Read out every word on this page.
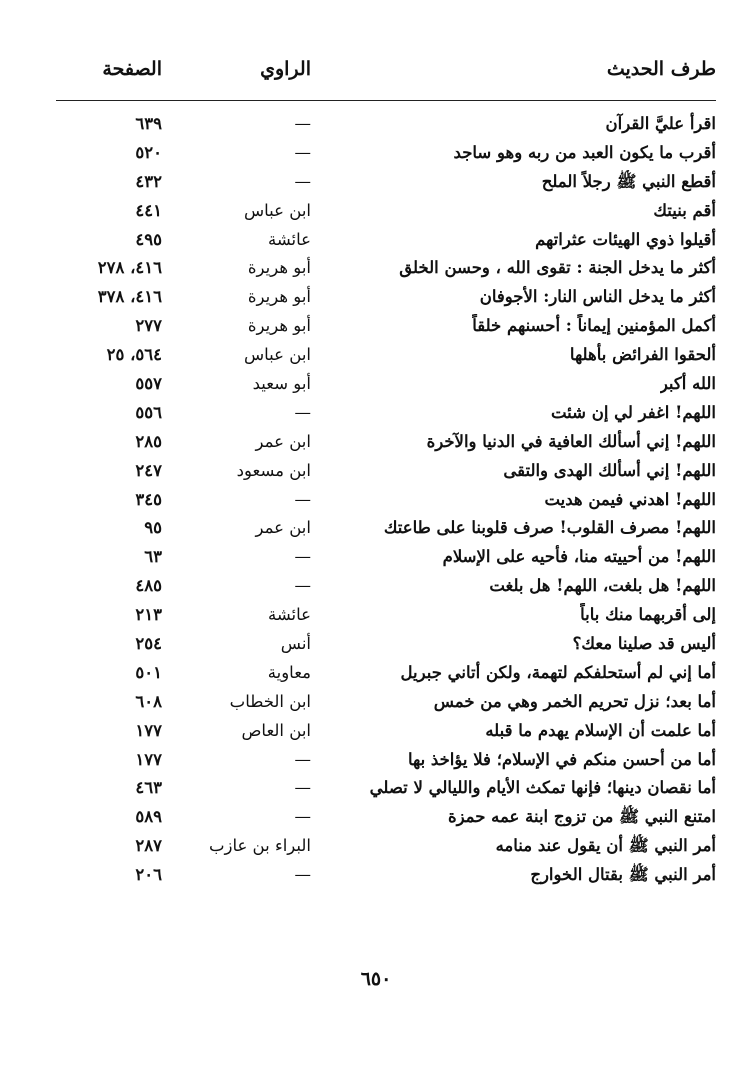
طرف الحديث
الراوي
الصفحة
اقرأ عليَّ القرآن
—
٦٣٩
أقرب ما يكون العبد من ربه وهو ساجد
—
٥٢٠
أقطع النبي ﷺ رجلاً الملح
—
٤٣٢
أقم بنيتك
ابن عباس
٤٤١
أقيلوا ذوي الهيئات عثراتهم
عائشة
٤٩٥
أكثر ما يدخل الجنة : تقوى الله ، وحسن الخلق
أبو هريرة
٤١٦، ٢٧٨
أكثر ما يدخل الناس النار: الأجوفان
أبو هريرة
٤١٦، ٣٧٨
أكمل المؤمنين إيماناً : أحسنهم خلقاً
أبو هريرة
٢٧٧
ألحقوا الفرائض بأهلها
ابن عباس
٥٦٤، ٢٥
الله أكبر
أبو سعيد
٥٥٧
اللهم! اغفر لي إن شئت
—
٥٥٦
اللهم! إني أسألك العافية في الدنيا والآخرة
ابن عمر
٢٨٥
اللهم! إني أسألك الهدى والتقى
ابن مسعود
٢٤٧
اللهم! اهدني فيمن هديت
—
٣٤٥
اللهم! مصرف القلوب! صرف قلوبنا على طاعتك
ابن عمر
٩٥
اللهم! من أحييته منا، فأحيه على الإسلام
—
٦٣
اللهم! هل بلغت، اللهم! هل بلغت
—
٤٨٥
إلى أقربهما منك باباً
عائشة
٢١٣
أليس قد صلينا معك؟
أنس
٢٥٤
أما إني لم أستحلفكم لتهمة، ولكن أتاني جبريل
معاوية
٥٠١
أما بعد؛ نزل تحريم الخمر وهي من خمس
ابن الخطاب
٦٠٨
أما علمت أن الإسلام يهدم ما قبله
ابن العاص
١٧٧
أما من أحسن منكم في الإسلام؛ فلا يؤاخذ بها
—
١٧٧
أما نقصان دينها؛ فإنها تمكث الأيام والليالي لا تصلي
—
٤٦٣
امتنع النبي ﷺ من تزوج ابنة عمه حمزة
—
٥٨٩
أمر النبي ﷺ أن يقول عند منامه
البراء بن عازب
٢٨٧
أمر النبي ﷺ بقتال الخوارج
—
٢٠٦
٦٥٠
